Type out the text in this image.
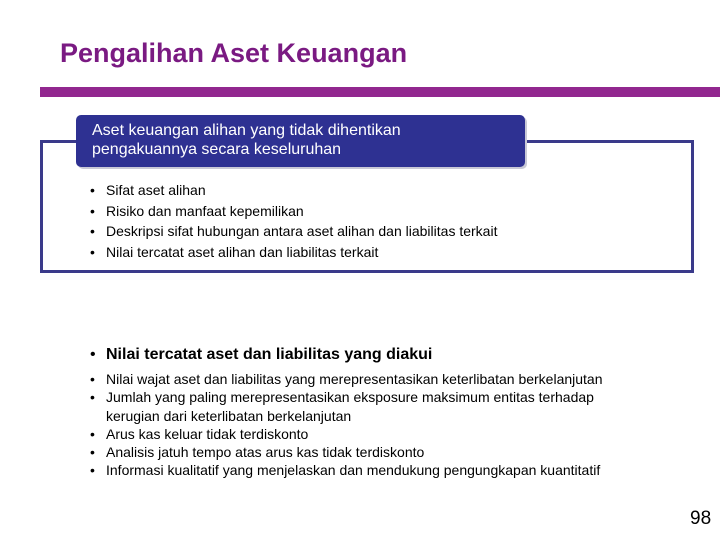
Pengalihan Aset Keuangan
Aset keuangan alihan yang tidak dihentikan
pengakuannya secara keseluruhan
• Sifat aset alihan
• Risiko dan manfaat kepemilikan
• Deskripsi sifat hubungan antara aset alihan dan liabilitas terkait
• Nilai tercatat aset alihan dan liabilitas terkait

• Nilai tercatat aset dan liabilitas yang diakui

• Nilai wajat aset dan liabilitas yang merepresentasikan keterlibatan berkelanjutan
• Jumlah yang paling merepresentasikan eksposure maksimum entitas terhadap kerugian dari keterlibatan berkelanjutan
• Arus kas keluar tidak terdiskonto
• Analisis jatuh tempo atas arus kas tidak terdiskonto
• Informasi kualitatif yang menjelaskan dan mendukung pengungkapan kuantitatif
98
